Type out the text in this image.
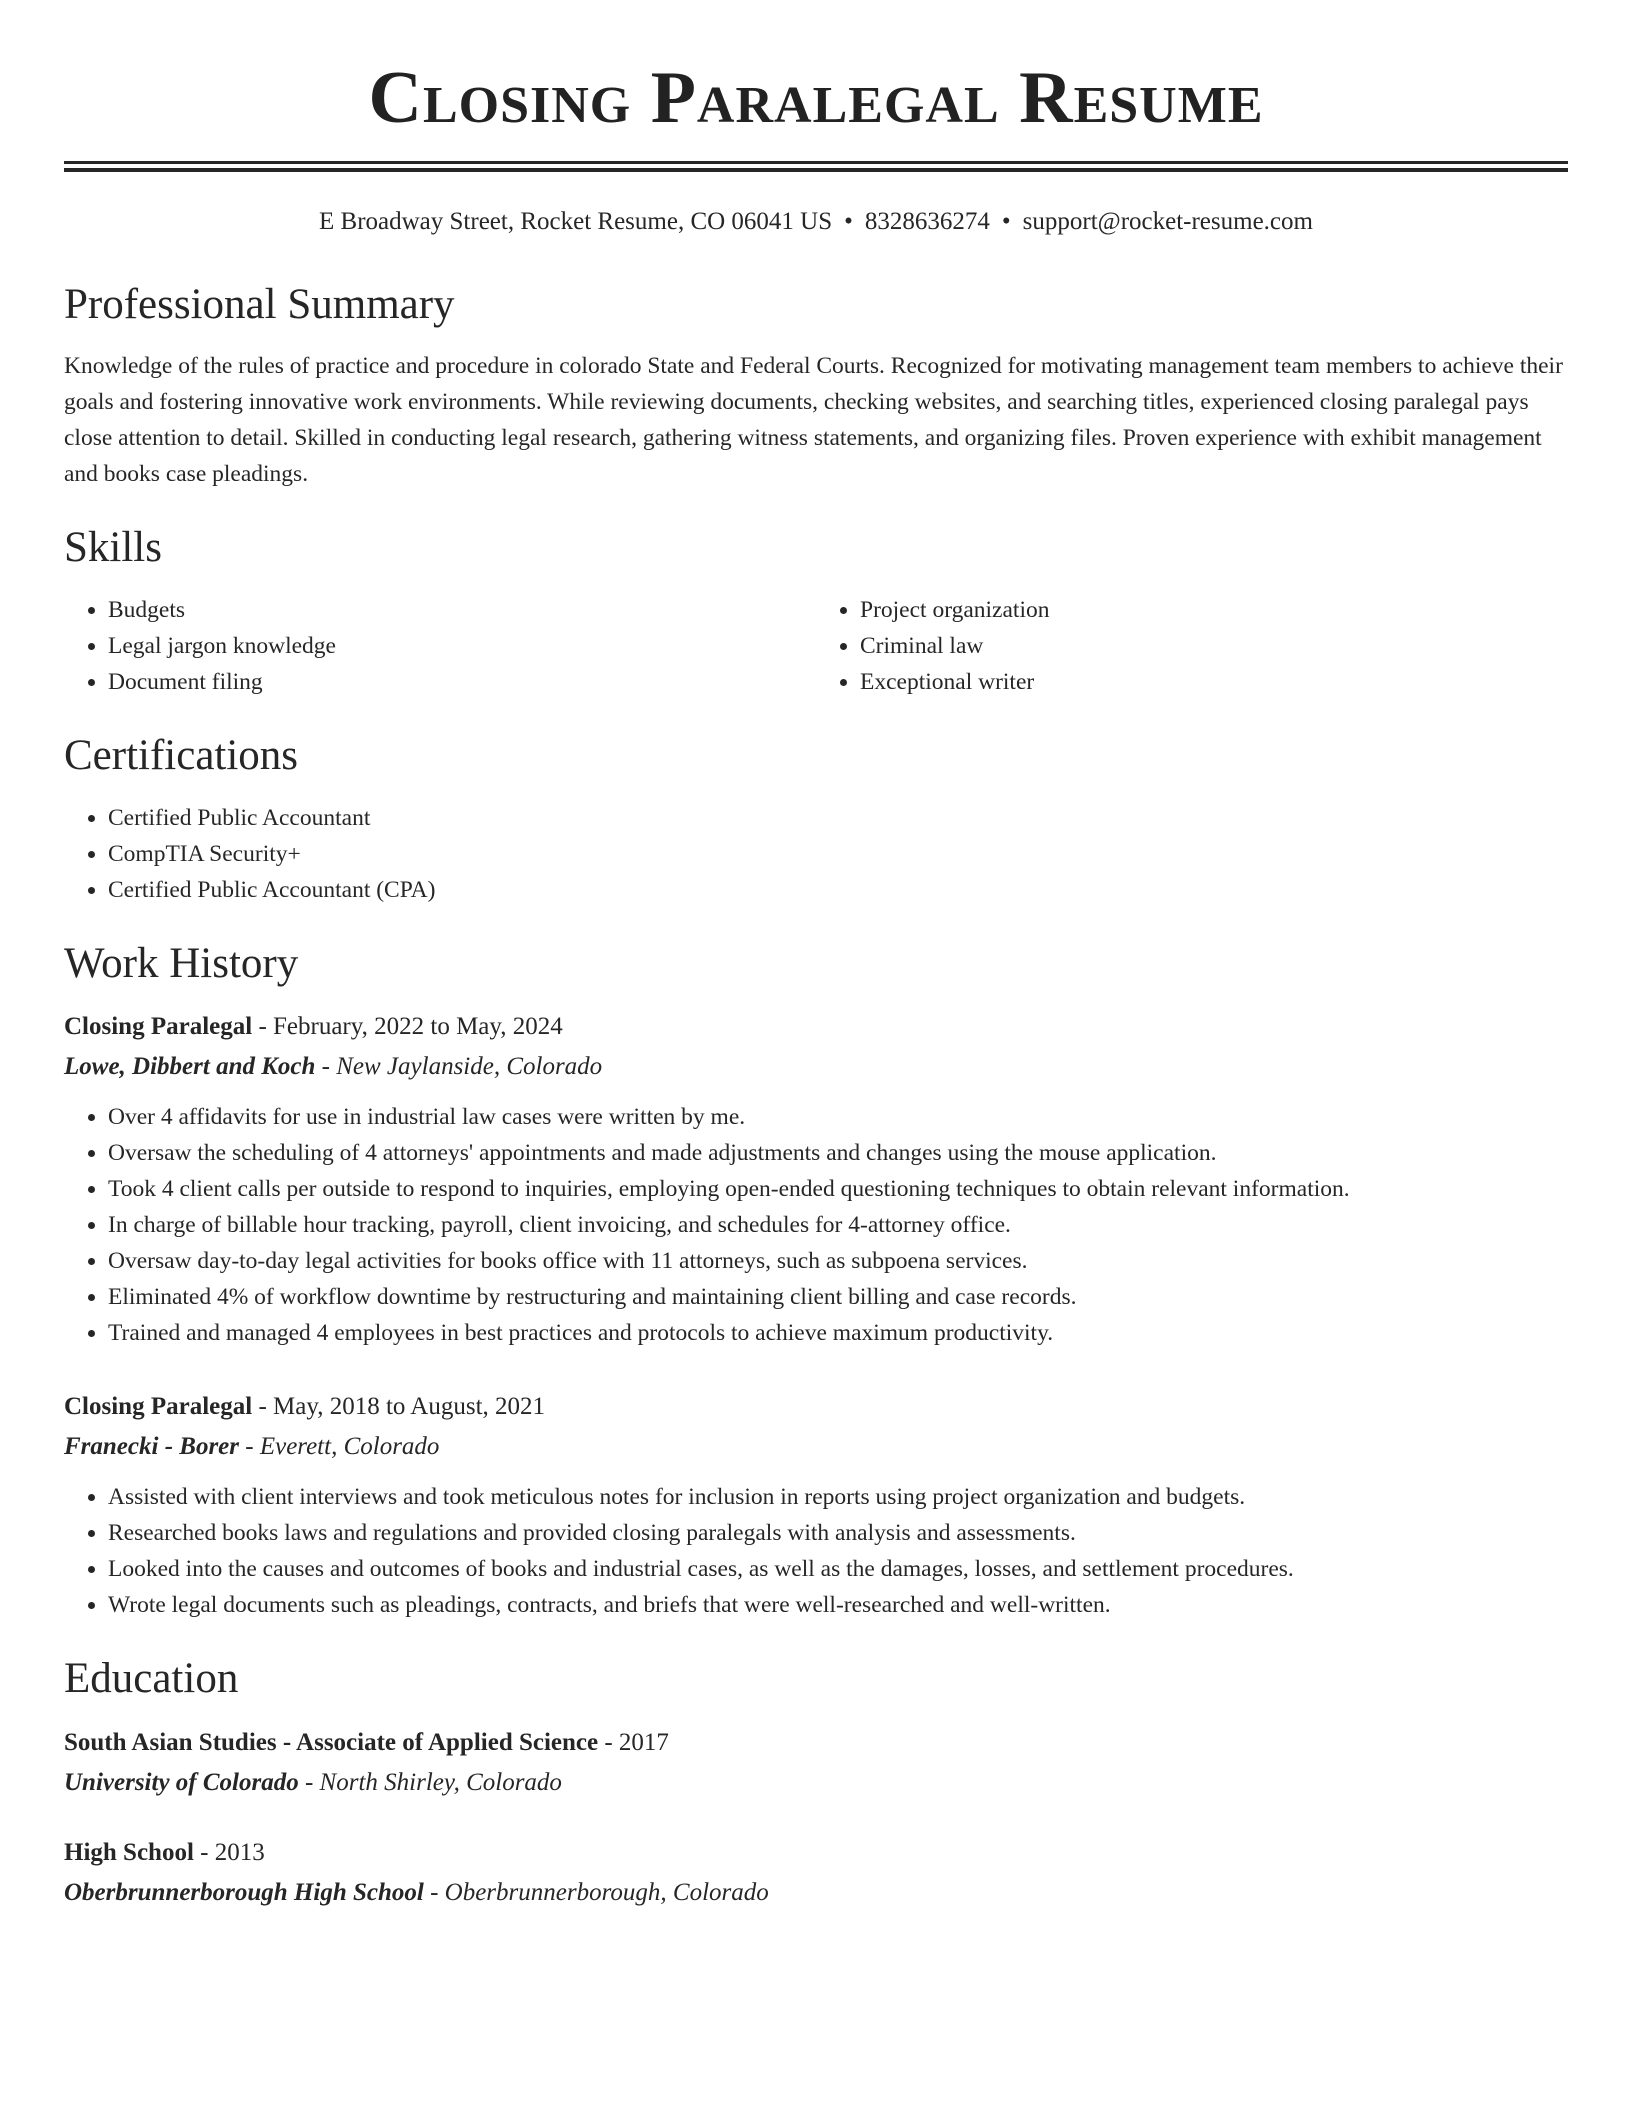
Closing Paralegal Resume
E Broadway Street, Rocket Resume, CO 06041 US • 8328636274 • support@rocket-resume.com
Professional Summary

Knowledge of the rules of practice and procedure in colorado State and Federal Courts. Recognized for motivating management team members to achieve their goals and fostering innovative work environments. While reviewing documents, checking websites, and searching titles, experienced closing paralegal pays close attention to detail. Skilled in conducting legal research, gathering witness statements, and organizing files. Proven experience with exhibit management and books case pleadings.

Skills
• Budgets
• Legal jargon knowledge
• Document filing
• Project organization
• Criminal law
• Exceptional writer
Certifications
• Certified Public Accountant
• CompTIA Security+
• Certified Public Accountant (CPA)
Work History
Closing Paralegal - February, 2022 to May, 2024
Lowe, Dibbert and Koch - New Jaylanside, Colorado
• Over 4 affidavits for use in industrial law cases were written by me.
• Oversaw the scheduling of 4 attorneys' appointments and made adjustments and changes using the mouse application.
• Took 4 client calls per outside to respond to inquiries, employing open-ended questioning techniques to obtain relevant information.
• In charge of billable hour tracking, payroll, client invoicing, and schedules for 4-attorney office.
• Oversaw day-to-day legal activities for books office with 11 attorneys, such as subpoena services.
• Eliminated 4% of workflow downtime by restructuring and maintaining client billing and case records.
• Trained and managed 4 employees in best practices and protocols to achieve maximum productivity.
Closing Paralegal - May, 2018 to August, 2021
Franecki - Borer - Everett, Colorado
• Assisted with client interviews and took meticulous notes for inclusion in reports using project organization and budgets.
• Researched books laws and regulations and provided closing paralegals with analysis and assessments.
• Looked into the causes and outcomes of books and industrial cases, as well as the damages, losses, and settlement procedures.
• Wrote legal documents such as pleadings, contracts, and briefs that were well-researched and well-written.
Education
South Asian Studies - Associate of Applied Science - 2017
University of Colorado - North Shirley, Colorado
High School - 2013
Oberbrunnerborough High School - Oberbrunnerborough, Colorado
